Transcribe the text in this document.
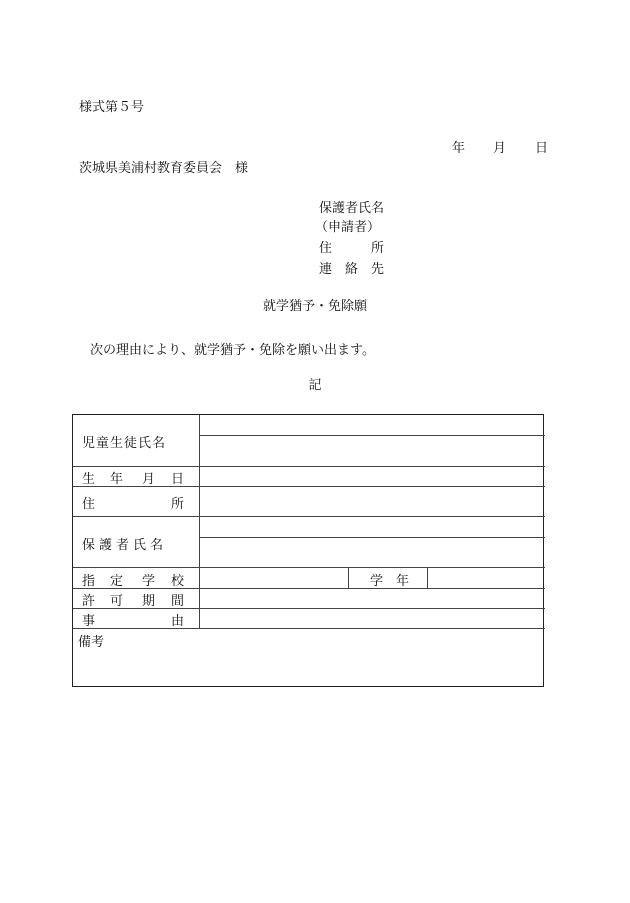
様式第５号
年 月 日
茨城県美浦村教育委員会　様
保護者氏名
（申請者）
住	所
連 絡 先
就学猶予・免除願
次の理由により、就学猶予・免除を願い出ます。
記
児童生徒氏名
生 年 月 日
住	所
保護者氏名
指 定 学 校	学 年
許 可 期 間
事	由
備考
